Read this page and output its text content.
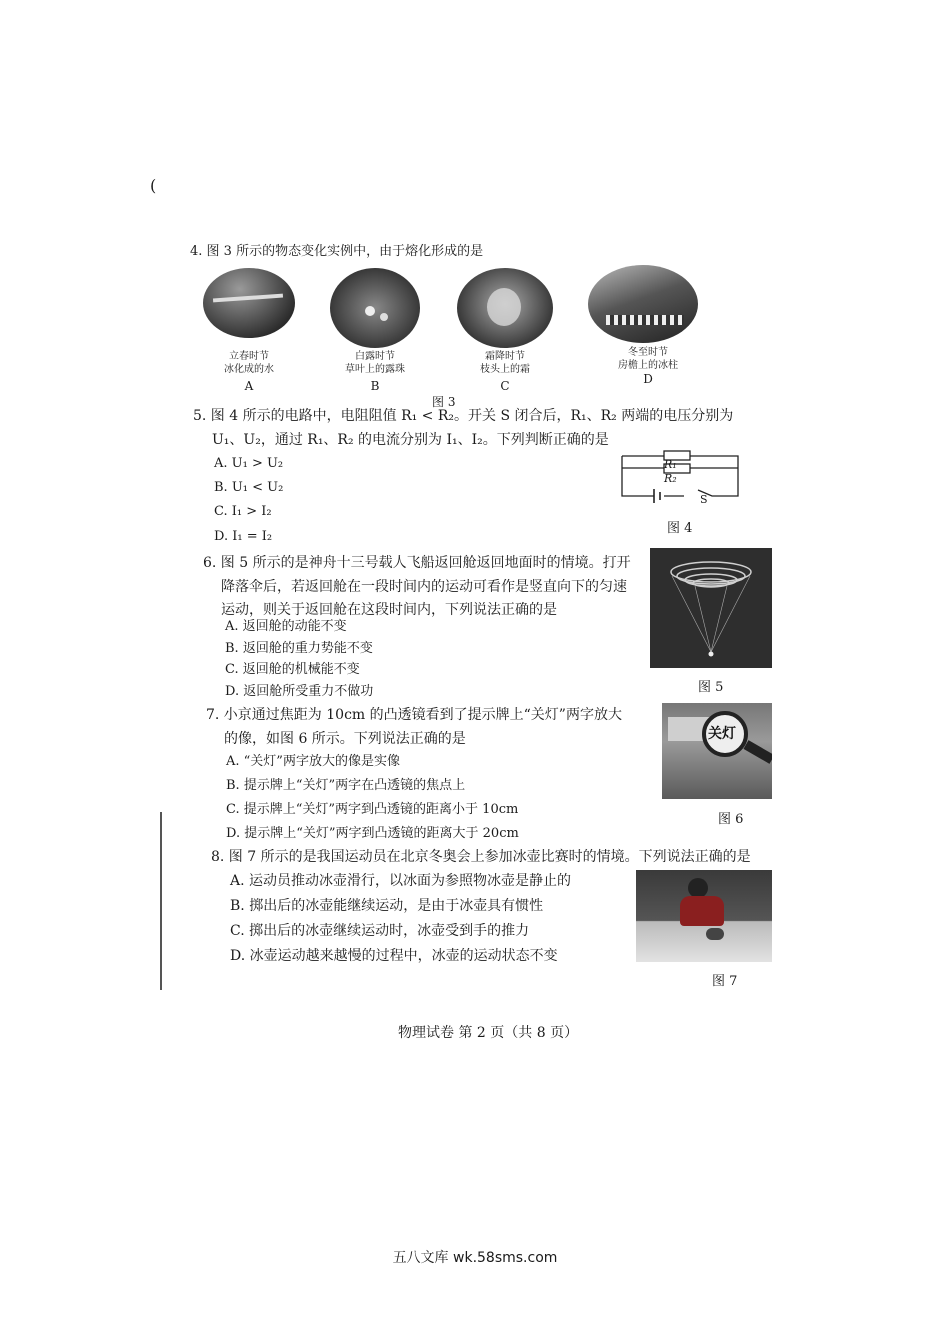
(
4. 图 3 所示的物态变化实例中，由于熔化形成的是
立春时节
冰化成的水
A
白露时节
草叶上的露珠
B
霜降时节
枝头上的霜
C
冬至时节
房檐上的冰柱
D
图 3
5. 图 4 所示的电路中，电阻阻值 R₁ < R₂。开关 S 闭合后，R₁、R₂ 两端的电压分别为
U₁、U₂，通过 R₁、R₂ 的电流分别为 I₁、I₂。下列判断正确的是
A. U₁ > U₂
B. U₁ < U₂
C. I₁ > I₂
D. I₁ = I₂
R₁
R₂
S
图 4
6. 图 5 所示的是神舟十三号载人飞船返回舱返回地面时的情境。打开
降落伞后，若返回舱在一段时间内的运动可看作是竖直向下的匀速
运动，则关于返回舱在这段时间内，下列说法正确的是
A. 返回舱的动能不变
B. 返回舱的重力势能不变
C. 返回舱的机械能不变
D. 返回舱所受重力不做功	图 5
7. 小京通过焦距为 10cm 的凸透镜看到了提示牌上“关灯”两字放大
的像，如图 6 所示。下列说法正确的是
A. “关灯”两字放大的像是实像
B. 提示牌上“关灯”两字在凸透镜的焦点上
C. 提示牌上“关灯”两字到凸透镜的距离小于 10cm
D. 提示牌上“关灯”两字到凸透镜的距离大于 20cm
关灯
图 6
8. 图 7 所示的是我国运动员在北京冬奥会上参加冰壶比赛时的情境。下列说法正确的是
A. 运动员推动冰壶滑行，以冰面为参照物冰壶是静止的
B. 掷出后的冰壶能继续运动，是由于冰壶具有惯性
C. 掷出后的冰壶继续运动时，冰壶受到手的推力
D. 冰壶运动越来越慢的过程中，冰壶的运动状态不变
图 7
物理试卷 第 2 页（共 8 页）
五八文库 wk.58sms.com
